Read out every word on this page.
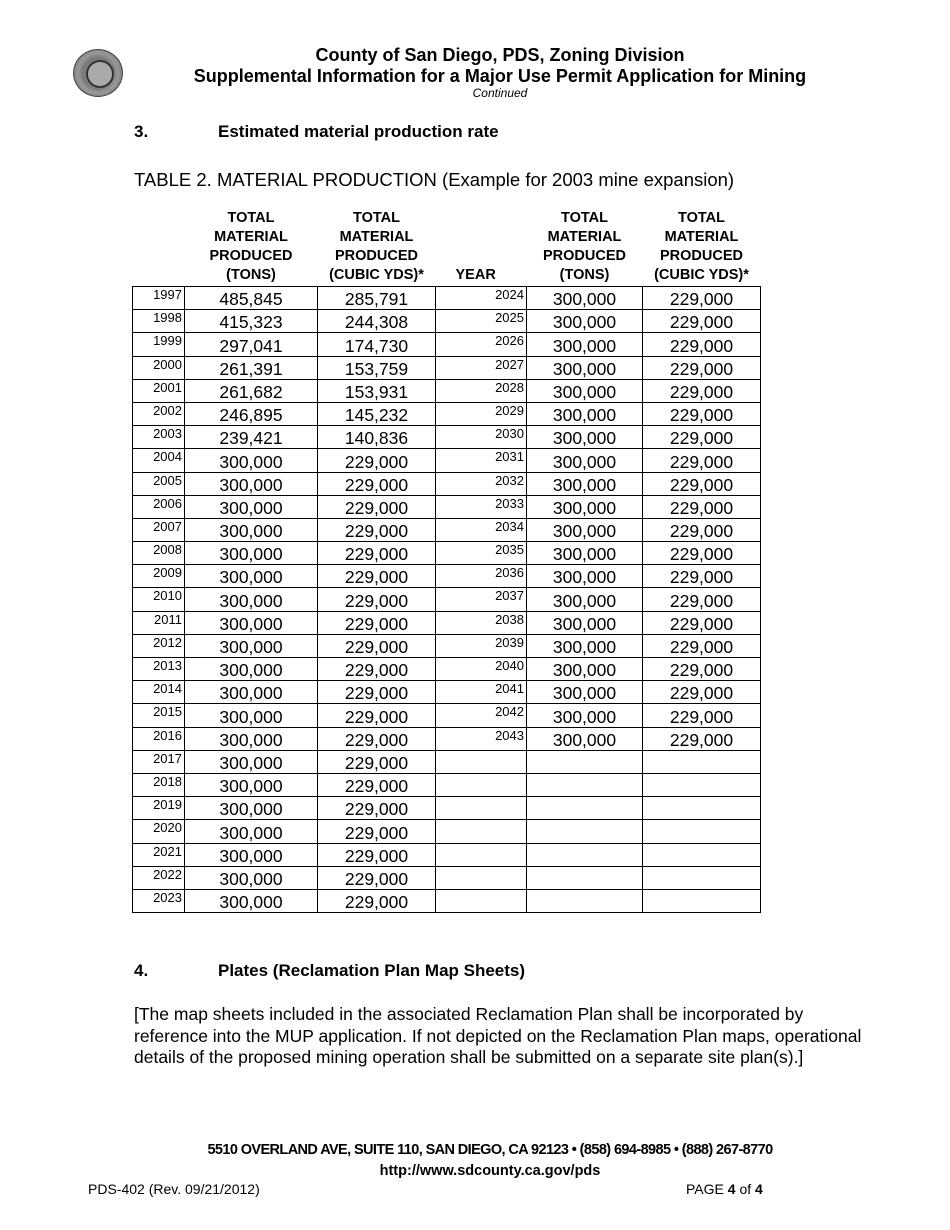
County of San Diego, PDS, Zoning Division
Supplemental Information for a Major Use Permit Application for Mining
Continued
3.	Estimated material production rate
TABLE 2. MATERIAL PRODUCTION (Example for 2003 mine expansion)
	TOTAL
MATERIAL
PRODUCED
(TONS)	TOTAL
MATERIAL
PRODUCED
(CUBIC YDS)*	YEAR	TOTAL
MATERIAL
PRODUCED
(TONS)	TOTAL
MATERIAL
PRODUCED
(CUBIC YDS)*
1997	485,845	285,791	2024	300,000	229,000
1998	415,323	244,308	2025	300,000	229,000
1999	297,041	174,730	2026	300,000	229,000
2000	261,391	153,759	2027	300,000	229,000
2001	261,682	153,931	2028	300,000	229,000
2002	246,895	145,232	2029	300,000	229,000
2003	239,421	140,836	2030	300,000	229,000
2004	300,000	229,000	2031	300,000	229,000
2005	300,000	229,000	2032	300,000	229,000
2006	300,000	229,000	2033	300,000	229,000
2007	300,000	229,000	2034	300,000	229,000
2008	300,000	229,000	2035	300,000	229,000
2009	300,000	229,000	2036	300,000	229,000
2010	300,000	229,000	2037	300,000	229,000
2011	300,000	229,000	2038	300,000	229,000
2012	300,000	229,000	2039	300,000	229,000
2013	300,000	229,000	2040	300,000	229,000
2014	300,000	229,000	2041	300,000	229,000
2015	300,000	229,000	2042	300,000	229,000
2016	300,000	229,000	2043	300,000	229,000
2017	300,000	229,000			
2018	300,000	229,000			
2019	300,000	229,000			
2020	300,000	229,000			
2021	300,000	229,000			
2022	300,000	229,000			
2023	300,000	229,000			
4.	Plates (Reclamation Plan Map Sheets)
[The map sheets included in the associated Reclamation Plan shall be incorporated by reference into the MUP application. If not depicted on the Reclamation Plan maps, operational details of the proposed mining operation shall be submitted on a separate site plan(s).]
5510 OVERLAND AVE, SUITE 110, SAN DIEGO, CA 92123 • (858) 694-8985 • (888) 267-8770
http://www.sdcounty.ca.gov/pds
PDS-402 (Rev. 09/21/2012)	PAGE 4 of 4
